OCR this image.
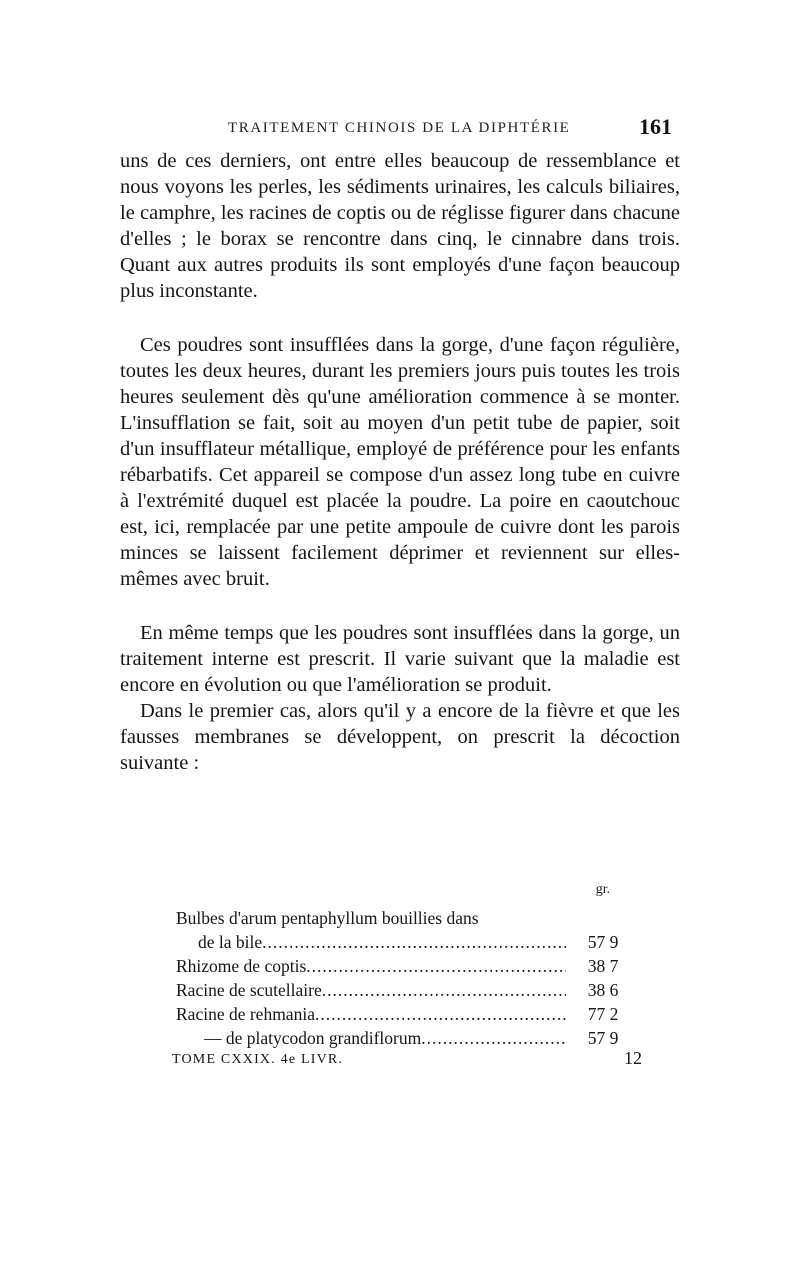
TRAITEMENT CHINOIS DE LA DIPHTÉRIE	161

uns de ces derniers, ont entre elles beaucoup de ressemblance et nous voyons les perles, les sédiments urinaires, les calculs biliaires, le camphre, les racines de coptis ou de réglisse figurer dans chacune d'elles ; le borax se rencontre dans cinq, le cinnabre dans trois. Quant aux autres produits ils sont employés d'une façon beaucoup plus inconstante.

Ces poudres sont insufflées dans la gorge, d'une façon régulière, toutes les deux heures, durant les premiers jours puis toutes les trois heures seulement dès qu'une amélioration commence à se monter. L'insufflation se fait, soit au moyen d'un petit tube de papier, soit d'un insufflateur métallique, employé de préférence pour les enfants rébarbatifs. Cet appareil se compose d'un assez long tube en cuivre à l'extrémité duquel est placée la poudre. La poire en caoutchouc est, ici, remplacée par une petite ampoule de cuivre dont les parois minces se laissent facilement déprimer et reviennent sur elles-mêmes avec bruit.

En même temps que les poudres sont insufflées dans la gorge, un traitement interne est prescrit. Il varie suivant que la maladie est encore en évolution ou que l'amélioration se produit.

Dans le premier cas, alors qu'il y a encore de la fièvre et que les fausses membranes se développent, on prescrit la décoction suivante :

gr.
Bulbes d'arum pentaphyllum bouillies dans
de la bile .....	57 9
Rhizome de coptis .....	38 7
Racine de scutellaire .....	38 6
Racine de rehmania .....	77 2
— de platycodon grandiflorum .....	57 9
TOME CXXIX. 4e LIVR.	12
